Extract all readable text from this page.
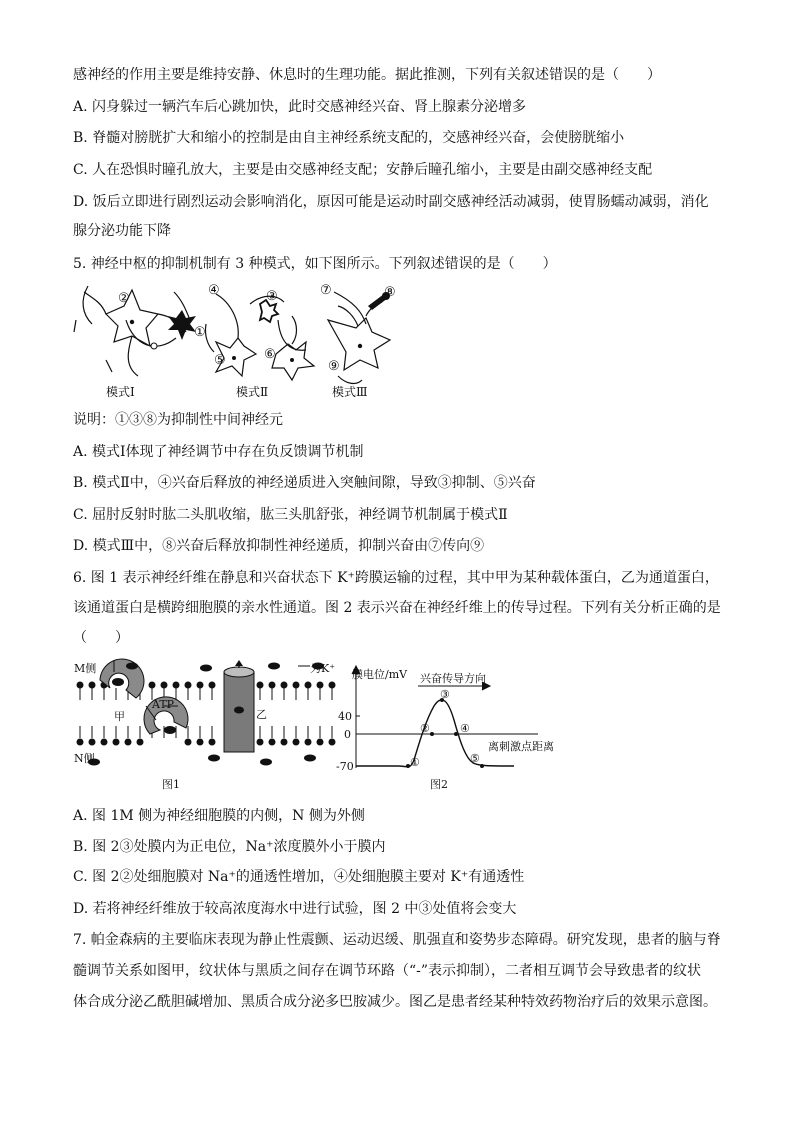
感神经的作用主要是维持安静、休息时的生理功能。据此推测，下列有关叙述错误的是（　　）
A. 闪身躲过一辆汽车后心跳加快，此时交感神经兴奋、肾上腺素分泌增多
B. 脊髓对膀胱扩大和缩小的控制是由自主神经系统支配的，交感神经兴奋，会使膀胱缩小
C. 人在恐惧时瞳孔放大，主要是由交感神经支配；安静后瞳孔缩小，主要是由副交感神经支配
D. 饭后立即进行剧烈运动会影响消化，原因可能是运动时副交感神经活动减弱，使胃肠蠕动减弱，消化
腺分泌功能下降
5. 神经中枢的抑制机制有 3 种模式，如下图所示。下列叙述错误的是（　　）
②
①
④	③
⑤	⑥
⑦	⑧
⑨
模式Ⅰ	模式Ⅱ	模式Ⅲ
说明：①③⑧为抑制性中间神经元
A. 模式Ⅰ体现了神经调节中存在负反馈调节机制
B. 模式Ⅱ中，④兴奋后释放的神经递质进入突触间隙，导致③抑制、⑤兴奋
C. 屈肘反射时肱二头肌收缩，肱三头肌舒张，神经调节机制属于模式Ⅱ
D. 模式Ⅲ中，⑧兴奋后释放抑制性神经递质，抑制兴奋由⑦传向⑨
6. 图 1 表示神经纤维在静息和兴奋状态下 K⁺跨膜运输的过程，其中甲为某种载体蛋白，乙为通道蛋白，
该通道蛋白是横跨细胞膜的亲水性通道。图 2 表示兴奋在神经纤维上的传导过程。下列有关分析正确的是
（　　）
M侧
N侧
为K⁺
ATP
甲	乙
图1
膜电位/mV 兴奋传导方向
离刺激点距离
40
0
-70	①
②
③
④
⑤
图2
A. 图 1M 侧为神经细胞膜的内侧，N 侧为外侧
B. 图 2③处膜内为正电位，Na⁺浓度膜外小于膜内
C. 图 2②处细胞膜对 Na⁺的通透性增加，④处细胞膜主要对 K⁺有通透性
D. 若将神经纤维放于较高浓度海水中进行试验，图 2 中③处值将会变大
7. 帕金森病的主要临床表现为静止性震颤、运动迟缓、肌强直和姿势步态障碍。研究发现，患者的脑与脊
髓调节关系如图甲，纹状体与黑质之间存在调节环路（“-”表示抑制），二者相互调节会导致患者的纹状
体合成分泌乙酰胆碱增加、黑质合成分泌多巴胺减少。图乙是患者经某种特效药物治疗后的效果示意图。
